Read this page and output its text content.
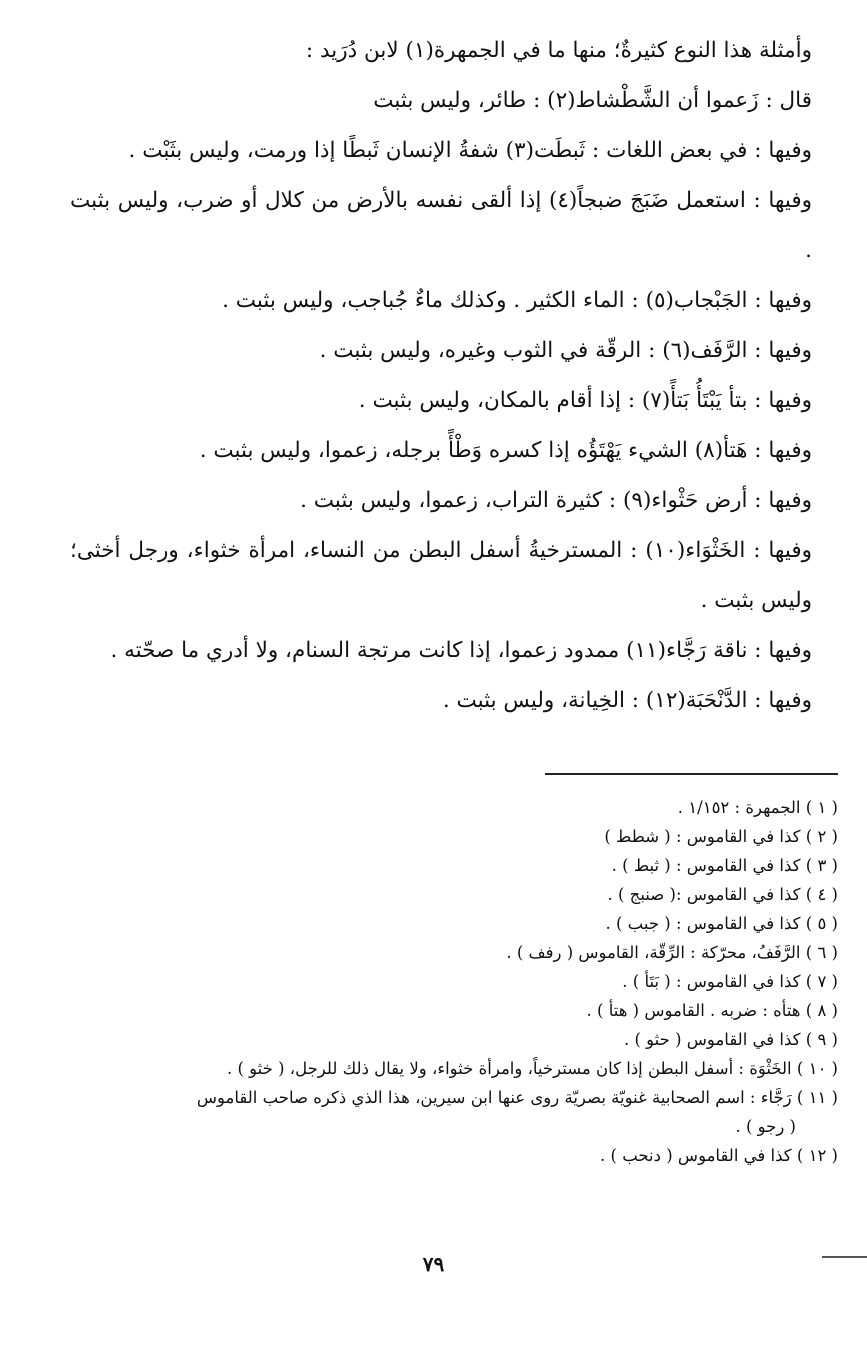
وأمثلة هذا النوع كثيرةٌ؛ منها ما في الجمهرة(١) لابن دُرَيد :

قال : زَعموا أن الشَّطْشاط(٢) : طائر، وليس بثبت

وفيها : في بعض اللغات : ثَبطَت(٣) شفةُ الإنسان ثَبطًا إذا ورمت، وليس بثَبْت .

وفيها : استعمل ضَبَجَ ضبجاً(٤) إذا ألقى نفسه بالأرض من كلال أو ضرب، وليس بثبت .

وفيها : الجَبْجاب(٥) : الماء الكثير . وكذلك ماءٌ جُباجب، وليس بثبت .

وفيها : الرَّفَف(٦) : الرقّة في الثوب وغيره، وليس بثبت .

وفيها : بتأ يَبْتَأُ بَتأً(٧) : إذا أقام بالمكان، وليس بثبت .

وفيها : هَتأ(٨) الشيء يَهْتَؤُه إذا كسره وَطْأً برجله، زعموا، وليس بثبت .

وفيها : أرض حَثْواء(٩) : كثيرة التراب، زعموا، وليس بثبت .

وفيها : الخَثْوَاء(١٠) : المسترخيةُ أسفل البطن من النساء، امرأة خثواء، ورجل أخثى؛ وليس بثبت .

وفيها : ناقة رَجَّاء(١١) ممدود زعموا، إذا كانت مرتجة السنام، ولا أدري ما صحّته .

وفيها : الدَّنْحَبَة(١٢) : الخِيانة، وليس بثبت .

( ١ ) الجمهرة : ١/١٥٢ .

( ٢ ) كذا في القاموس : ( شطط )

( ٣ ) كذا في القاموس : ( ثبط ) .

( ٤ ) كذا في القاموس :( صنبج ) .

( ٥ ) كذا في القاموس : ( جبب ) .

( ٦ ) الرَّفَفُ، محرّكة : الرِّقّة، القاموس ( رفف ) .

( ٧ ) كذا في القاموس : ( بَتَأ ) .

( ٨ ) هتأه : ضربه . القاموس ( هتأ ) .

( ٩ ) كذا في القاموس ( حثو ) .

( ١٠ ) الخَثْوَة : أسفل البطن إذا كان مسترخياً، وامرأة خثواء، ولا يقال ذلك للرجل، ( خثو ) .

( ١١ ) رَجَّاء : اسم الصحابية غنويّة بصريّة روى عنها ابن سيرين، هذا الذي ذكره صاحب القاموس

( رجو ) .

( ١٢ ) كذا في القاموس ( دنحب ) .

٧٩
